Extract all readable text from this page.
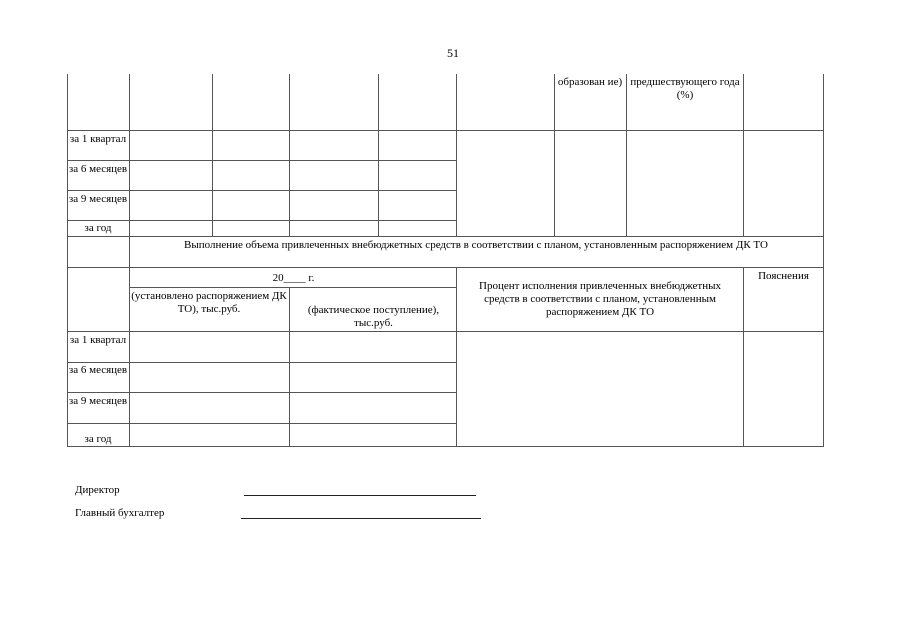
51
образован ие) предшествующего года (%)
за 1 квартал
за 6 месяцев
за 9 месяцев
за год
Выполнение объема привлеченных внебюджетных средств в соответствии с планом, установленным распоряжением ДК ТО
20____ г.
(установлено распоряжением ДК ТО), тыс.руб.	(фактическое поступление), тыс.руб.
Процент исполнения привлеченных внебюджетных средств в соответствии с планом, установленным распоряжением ДК ТО
Пояснения
за 1 квартал
за 6 месяцев
за 9 месяцев
за год
Директор
Главный бухгалтер
